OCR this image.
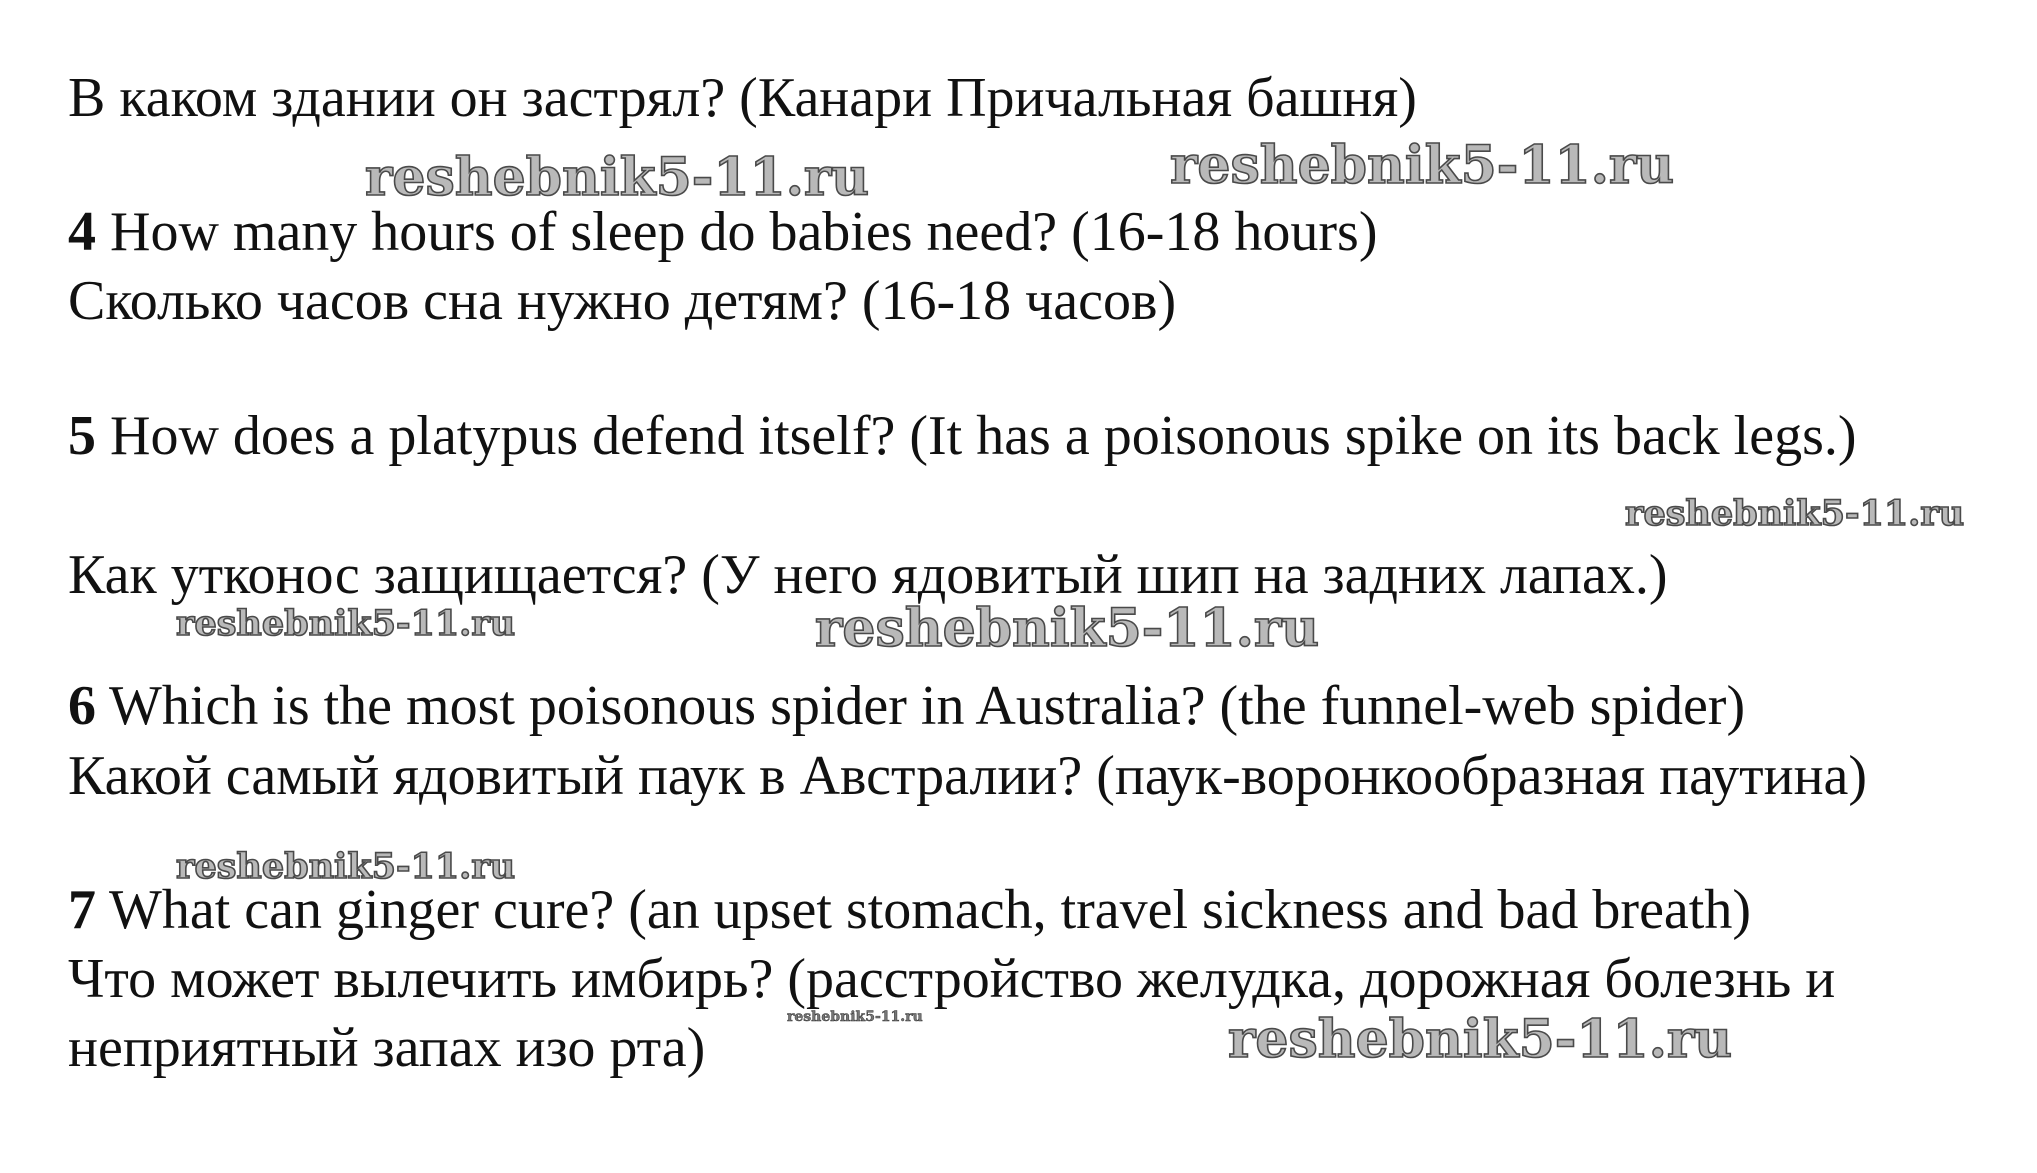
В каком здании он застрял? (Канари Причальная башня)
4 How many hours of sleep do babies need? (16-18 hours)
Сколько часов сна нужно детям? (16-18 часов)
5 How does a platypus defend itself? (It has a poisonous spike on its back legs.)
Как утконос защищается? (У него ядовитый шип на задних лапах.)
6 Which is the most poisonous spider in Australia? (the funnel-web spider)
Какой самый ядовитый паук в Австралии? (паук-воронкообразная паутина)
7 What can ginger cure? (an upset stomach, travel sickness and bad breath)
Что может вылечить имбирь? (расстройство желудка, дорожная болезнь и
неприятный запах изо рта)
reshebnik5-11.ru	reshebnik5-11.ru
reshebnik5-11.ru
reshebnik5-11.ru	reshebnik5-11.ru
reshebnik5-11.ru
reshebnik5-11.ru	reshebnik5-11.ru
